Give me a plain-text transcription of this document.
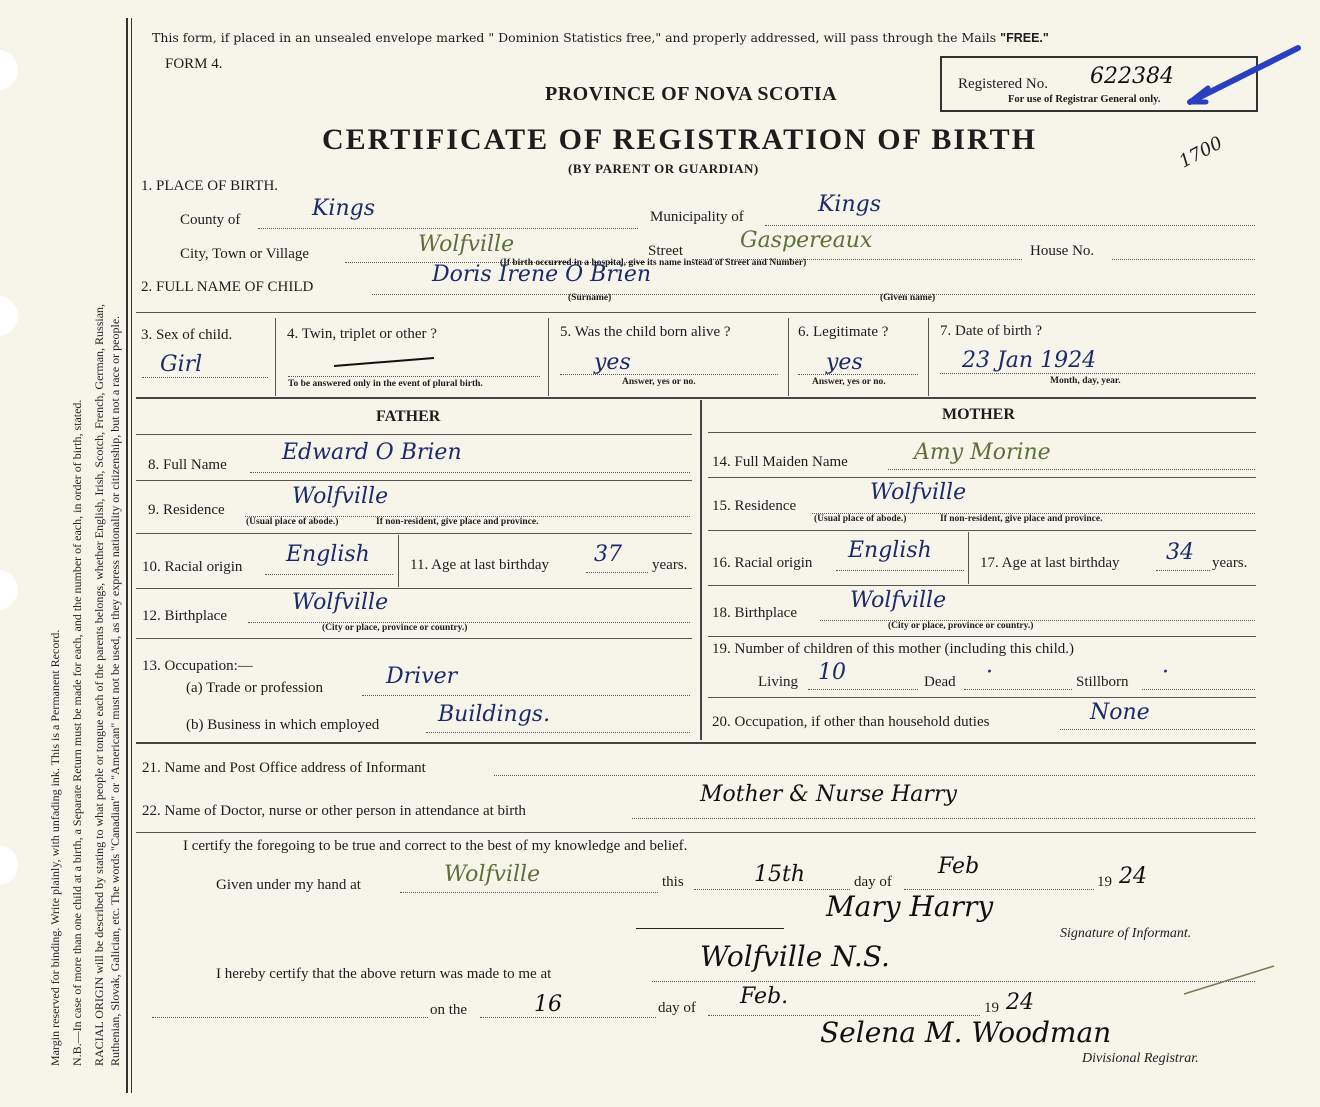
Margin reserved for binding. Write plainly, with unfading ink. This is a Permanent Record. N.B.—In case of more than one child at a birth, a Separate Return must be made for each, and the number of each, in order of birth, stated. RACIAL ORIGIN will be described by stating to what people or tongue each of the parents belongs, whether English, Irish, Scotch, French, German, Russian, Ruthenian, Slovak, Galician, etc. The words "Canadian" or "American" must not be used, as they express nationality or citizenship, but not a race or people.
This form, if placed in an unsealed envelope marked " Dominion Statistics free," and properly addressed, will pass through the Mails "FREE."
FORM 4.
PROVINCE OF NOVA SCOTIA
CERTIFICATE OF REGISTRATION OF BIRTH
(BY PARENT OR GUARDIAN)
Registered No. 622384
For use of Registrar General only.
1700
1. PLACE OF BIRTH.
County of	Kings	Municipality of	Kings
City, Town or Village	Wolfville	Street	Gaspereaux	House No.
(If birth occurred in a hospital, give its name instead of Street and Number)
2. FULL NAME OF CHILD	Doris Irene O Brien
(Surname)	(Given name)
3. Sex of child.
Girl
4. Twin, triplet or other ?
To be answered only in the event of plural birth.
5. Was the child born alive ?
yes
Answer, yes or no.
6. Legitimate ?
yes
Answer, yes or no.
7. Date of birth ?
23 Jan 1924
Month, day, year.
FATHER
8. Full Name	Edward O Brien
9. Residence
Wolfville
(Usual place of abode.)	If non-resident, give place and province.
10. Racial origin English	11. Age at last birthday 37 years.
12. Birthplace
Wolfville
(City or place, province or country.)
13. Occupation:—
(a) Trade or profession	Driver
(b) Business in which employed	Buildings.
MOTHER
14. Full Maiden Name	Amy Morine
15. Residence
Wolfville
(Usual place of abode.)	If non-resident, give place and province.
16. Racial origin English	17. Age at last birthday 34 years.
18. Birthplace Wolfville
(City or place, province or country.)
19. Number of children of this mother (including this child.)
Living 10	Dead ·	Stillborn ·
20. Occupation, if other than household duties	None
21. Name and Post Office address of Informant
22. Name of Doctor, nurse or other person in attendance at birth
Mother & Nurse Harry
I certify the foregoing to be true and correct to the best of my knowledge and belief.
Given under my hand at	Wolfville	this	15th	day of
Feb
19 24
Mary Harry
Signature of Informant.
I hereby certify that the above return was made to me at
Wolfville N.S.
on the	16	day of Feb.	19 24
Selena M. Woodman
Divisional Registrar.
